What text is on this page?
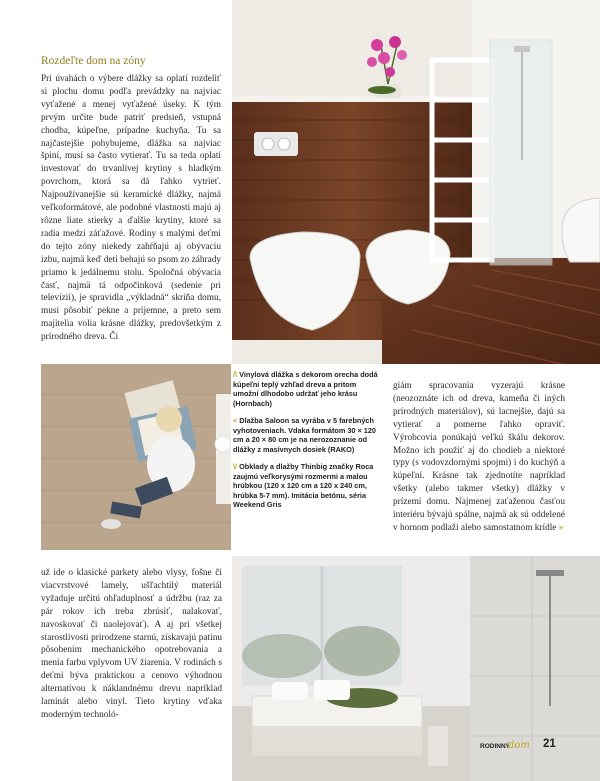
Rozdeľte dom na zóny
Pri úvahách o výbere dlážky sa oplatí rozdeliť si plochu domu podľa prevádzky na najviac vyťažené a menej vyťažené úseky. K tým prvým určite bude patriť predsieň, vstupná chodba, kúpeľne, prípadne kuchyňa. Tu sa najčastejšie pohybujeme, dlážka sa najviac špiní, musí sa často vytierať. Tu sa teda oplatí investovať do trvanlivej krytiny s hladkým povrchom, ktorá sa dá ľahko vytrieť. Najpoužívanejšie sú keramické dlážky, najmä veľkoformátové, ale podobné vlastnosti majú aj rôzne liate stierky a ďalšie krytiny, ktoré sa radia medzi záťažové. Rodiny s malými deťmi do tejto zóny niekedy zahŕňajú aj obývaciu izbu, najmä keď deti behajú so psom zo záhrady priamo k jedálnemu stolu. Spoločná obývacia časť, najmä tá odpočinková (sedenie pri televízii), je spravidla „výkladná“ skriňa domu, musí pôsobiť pekne a príjemne, a preto sem majitelia volia krásne dlážky, predovšetkým z prírodného dreva. Či

/\ Vinylová dlážka s dekorom orecha dodá kúpeľni teplý vzhľad dreva a pritom umožní dlhodobo udržať jeho krásu (Hornbach)

< Dlažba Saloon sa vyrába v 5 farebných vyhotoveniach. Vdaka formátom 30 × 120 cm a 20 × 80 cm je na nerozoznanie od dlážky z masívnych dosiek (RAKO)

\/ Obklady a dlažby Thinbig značky Roca zaujmú veľkorysými rozmermi a malou hrúbkou (120 x 120 cm a 120 x 240 cm, hrúbka 5-7 mm). Imitácia betónu, séria Weekend Gris

giám spracovania vyzerajú krásne (neozoznáte ich od dreva, kameňa či iných prírodných materiálov), sú lacnejšie, dajú sa vytierať a pomerne ľahko opraviť. Výrobcovia ponúkajú veľkú škálu dekorov. Možno ich použiť aj do chodieb a niektoré typy (s vodovzdornými spojmi) i do kuchýň a kúpeľní. Krásne tak zjednotíte napríklad všetky (alebo takmer všetky) dlážky v prízemí domu. Najmenej zaťaženou časťou interiéru bývajú spálne, najmä ak sú oddelené v hornom podlaží alebo samostatnom krídle »
už ide o klasické parkety alebo vlysy, fošne či viacvrstvové lamely, ušľachtilý materiál vyžaduje určitú ohľaduplnosť a údržbu (raz za pár rokov ich treba zbrúsiť, nalakovať, navoskovať či naolejovať). A aj pri všetkej starostlivosti prirodzene starnú, získavajú patinu pôsobením mechanického opotrebovania a menia farbu vplyvom UV žiarenia. V rodinách s deťmi býva praktickou a cenovo výhodnou alternatívou k náklandnému drevu napríklad laminát alebo vinyl. Tieto krytiny vďaka moderným technoló-
RODINNÝ
dom 21
